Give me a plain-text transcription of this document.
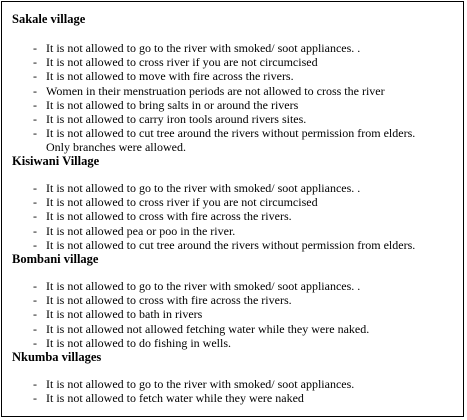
Sakale village

- It is not allowed to go to the river with smoked/ soot appliances. .
- It is not allowed to cross river if you are not circumcised
- It is not allowed to move with fire across the rivers.
- Women in their menstruation periods are not allowed to cross the river
- It is not allowed to bring salts in or around the rivers
- It is not allowed to carry iron tools around rivers sites.
- It is not allowed to cut tree around the rivers without permission from elders.
Only branches were allowed.

Kisiwani Village

- It is not allowed to go to the river with smoked/ soot appliances. .
- It is not allowed to cross river if you are not circumcised
- It is not allowed to cross with fire across the rivers.
- It is not allowed pea or poo in the river.
- It is not allowed to cut tree around the rivers without permission from elders.

Bombani village

- It is not allowed to go to the river with smoked/ soot appliances. .
- It is not allowed to cross with fire across the rivers.
- It is not allowed to bath in rivers
- It is not allowed not allowed fetching water while they were naked.
- It is not allowed to do fishing in wells.

Nkumba villages

- It is not allowed to go to the river with smoked/ soot appliances.
- It is not allowed to fetch water while they were naked
